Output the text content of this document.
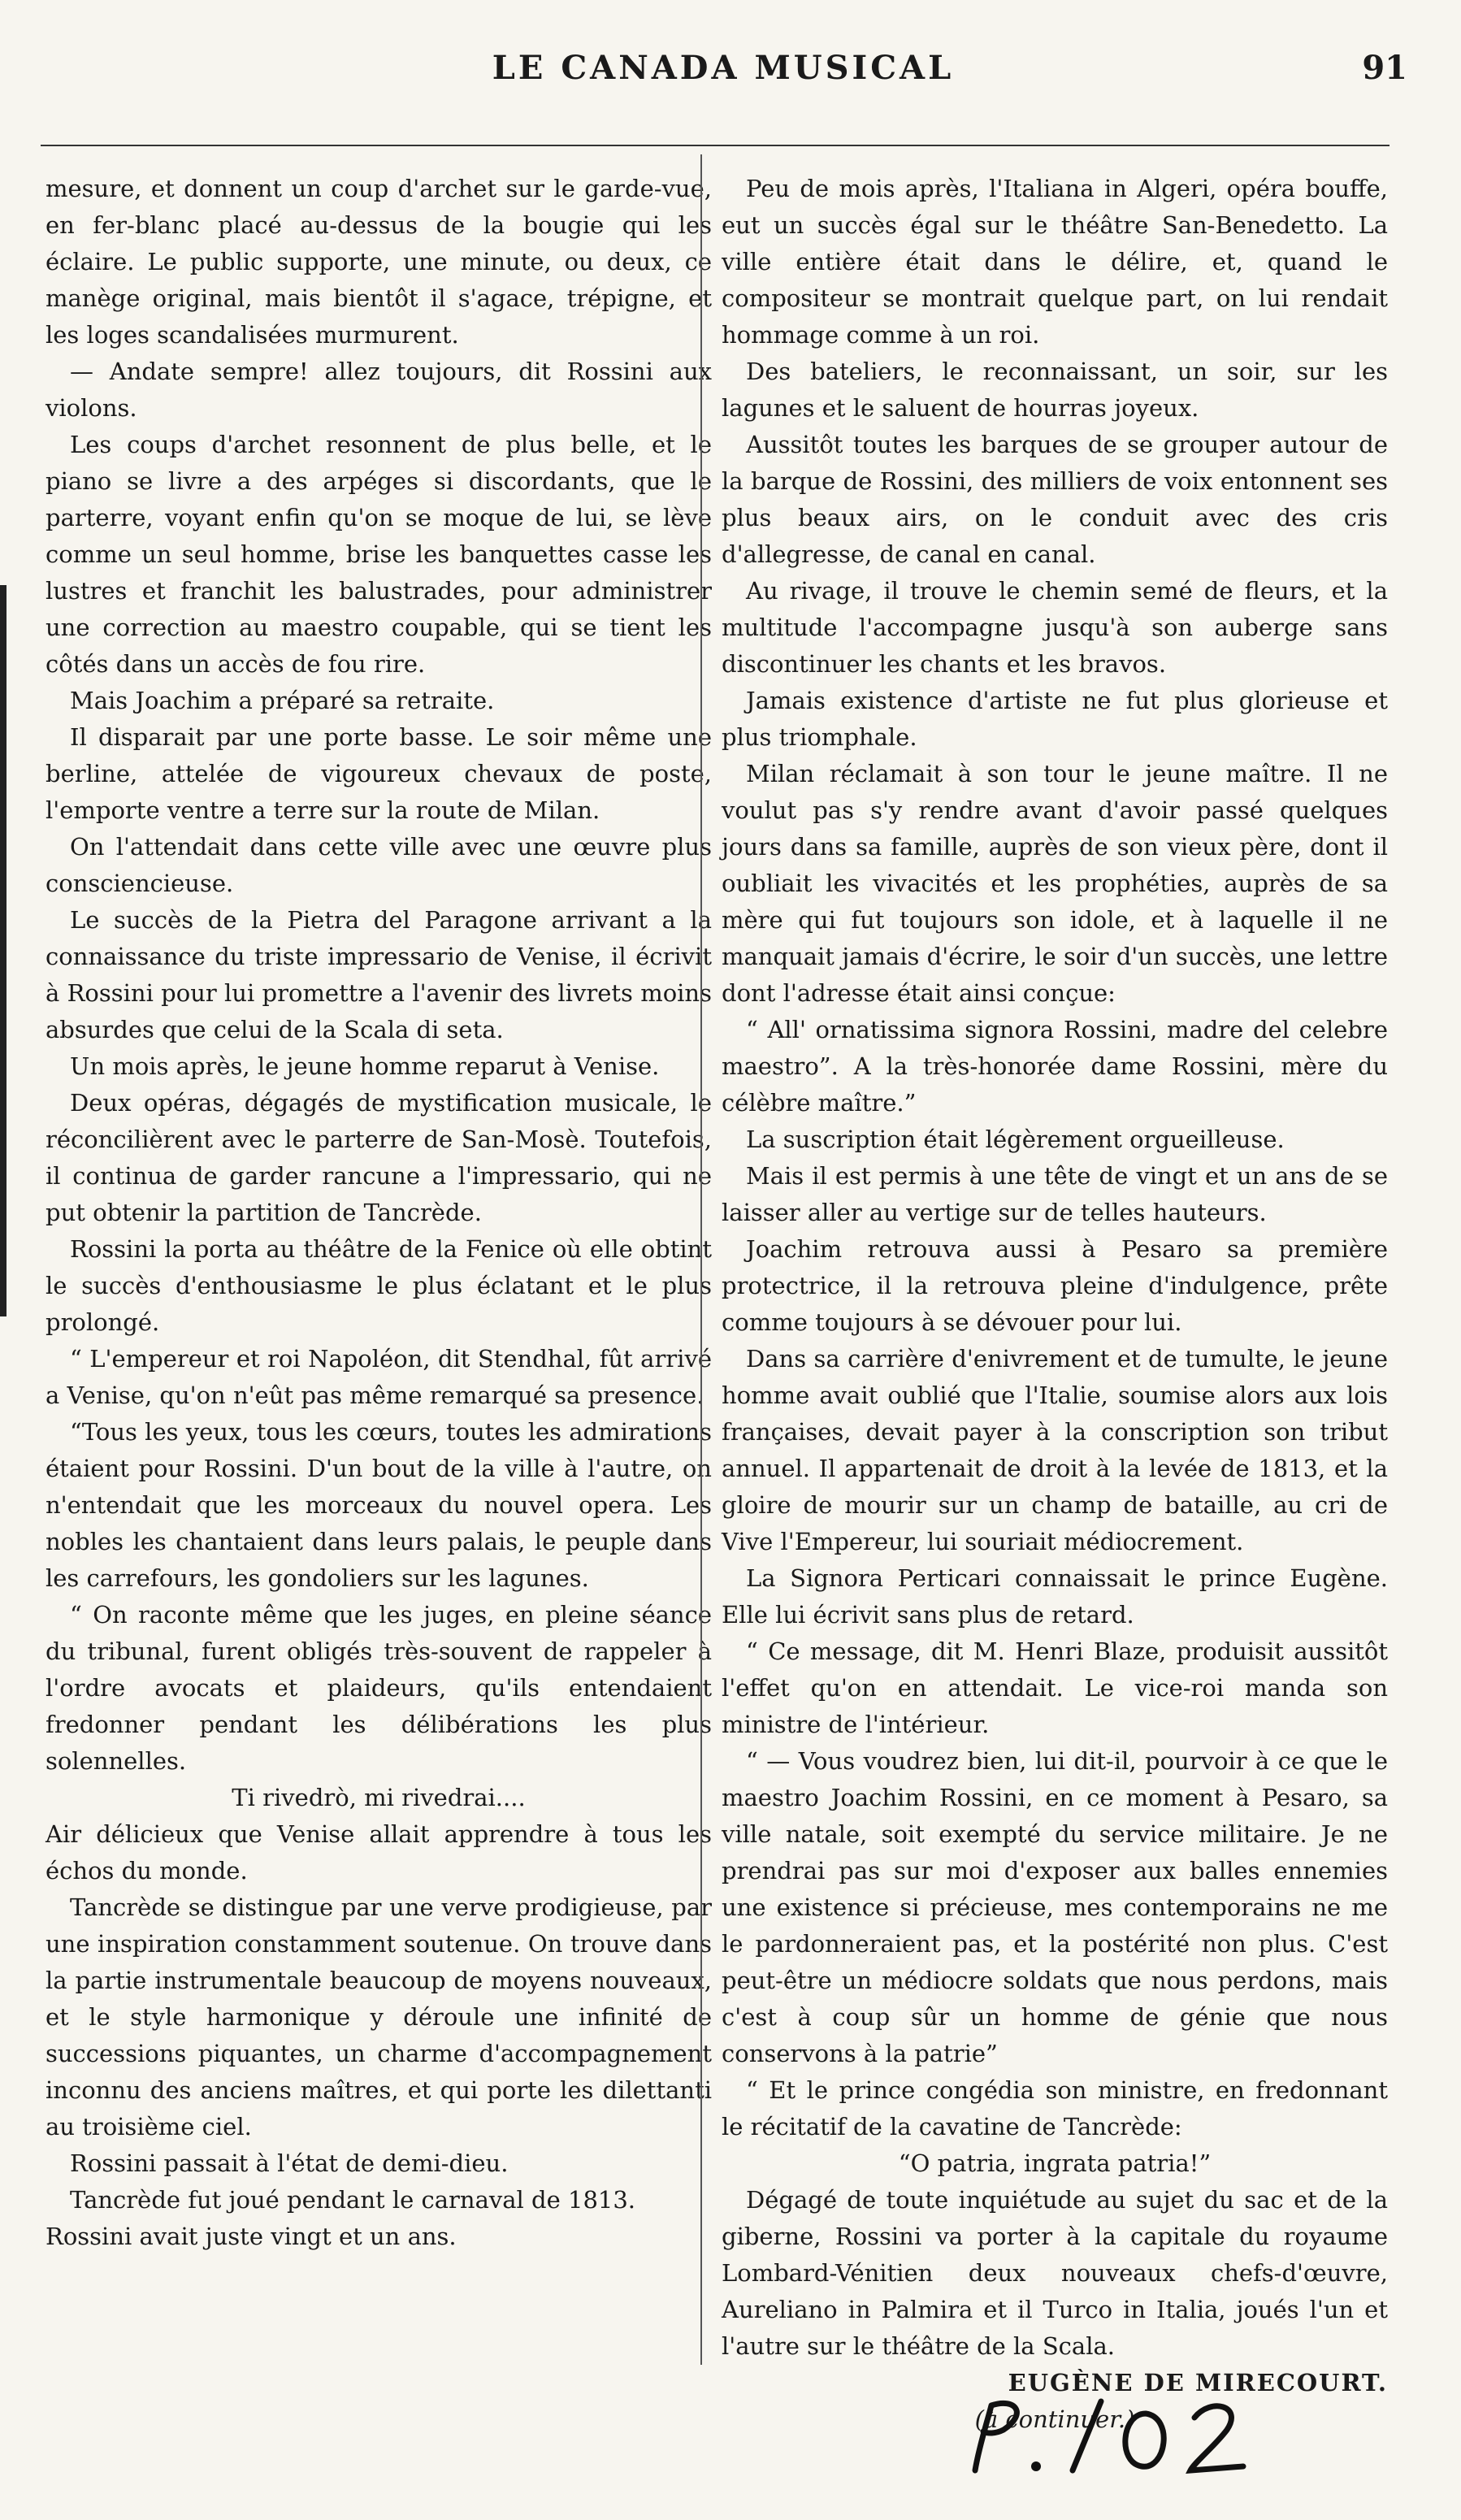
LE CANADA MUSICAL	91

mesure, et donnent un coup d'archet sur le garde-vue, en fer-blanc placé au-dessus de la bougie qui les éclaire. Le public supporte, une minute, ou deux, ce manège original, mais bientôt il s'agace, trépigne, et les loges scandalisées murmurent.

— Andate sempre! allez toujours, dit Rossini aux violons.

Les coups d'archet resonnent de plus belle, et le piano se livre a des arpéges si discordants, que le parterre, voyant enfin qu'on se moque de lui, se lève comme un seul homme, brise les banquettes casse les lustres et franchit les balustrades, pour administrer une correction au maestro coupable, qui se tient les côtés dans un accès de fou rire.

Mais Joachim a préparé sa retraite.

Il disparait par une porte basse. Le soir même une berline, attelée de vigoureux chevaux de poste, l'emporte ventre a terre sur la route de Milan.

On l'attendait dans cette ville avec une œuvre plus consciencieuse.

Le succès de la Pietra del Paragone arrivant a la connaissance du triste impressario de Venise, il écrivit à Rossini pour lui promettre a l'avenir des livrets moins absurdes que celui de la Scala di seta.

Un mois après, le jeune homme reparut à Venise.

Deux opéras, dégagés de mystification musicale, le réconcilièrent avec le parterre de San-Mosè. Toutefois, il continua de garder rancune a l'impressario, qui ne put obtenir la partition de Tancrède.

Rossini la porta au théâtre de la Fenice où elle obtint le succès d'enthousiasme le plus éclatant et le plus prolongé.

“ L'empereur et roi Napoléon, dit Stendhal, fût arrivé a Venise, qu'on n'eût pas même remarqué sa presence.

“Tous les yeux, tous les cœurs, toutes les admirations étaient pour Rossini. D'un bout de la ville à l'autre, on n'entendait que les morceaux du nouvel opera. Les nobles les chantaient dans leurs palais, le peuple dans les carrefours, les gondoliers sur les lagunes.

“ On raconte même que les juges, en pleine séance du tribunal, furent obligés très-souvent de rappeler à l'ordre avocats et plaideurs, qu'ils entendaient fredonner pendant les délibérations les plus solennelles.

Ti rivedrò, mi rivedrai....

Air délicieux que Venise allait apprendre à tous les échos du monde.

Tancrède se distingue par une verve prodigieuse, par une inspiration constamment soutenue. On trouve dans la partie instrumentale beaucoup de moyens nouveaux, et le style harmonique y déroule une infinité de successions piquantes, un charme d'accompagnement inconnu des anciens maîtres, et qui porte les dilettanti au troisième ciel.

Rossini passait à l'état de demi-dieu.

Tancrède fut joué pendant le carnaval de 1813.

Rossini avait juste vingt et un ans.

Peu de mois après, l'Italiana in Algeri, opéra bouffe, eut un succès égal sur le théâtre San-Benedetto. La ville entière était dans le délire, et, quand le compositeur se montrait quelque part, on lui rendait hommage comme à un roi.

Des bateliers, le reconnaissant, un soir, sur les lagunes et le saluent de hourras joyeux.

Aussitôt toutes les barques de se grouper autour de la barque de Rossini, des milliers de voix entonnent ses plus beaux airs, on le conduit avec des cris d'allegresse, de canal en canal.

Au rivage, il trouve le chemin semé de fleurs, et la multitude l'accompagne jusqu'à son auberge sans discontinuer les chants et les bravos.

Jamais existence d'artiste ne fut plus glorieuse et plus triomphale.

Milan réclamait à son tour le jeune maître. Il ne voulut pas s'y rendre avant d'avoir passé quelques jours dans sa famille, auprès de son vieux père, dont il oubliait les vivacités et les prophéties, auprès de sa mère qui fut toujours son idole, et à laquelle il ne manquait jamais d'écrire, le soir d'un succès, une lettre dont l'adresse était ainsi conçue:

“ All' ornatissima signora Rossini, madre del celebre maestro”. A la très-honorée dame Rossini, mère du célèbre maître.”

La suscription était légèrement orgueilleuse.

Mais il est permis à une tête de vingt et un ans de se laisser aller au vertige sur de telles hauteurs.

Joachim retrouva aussi à Pesaro sa première protectrice, il la retrouva pleine d'indulgence, prête comme toujours à se dévouer pour lui.

Dans sa carrière d'enivrement et de tumulte, le jeune homme avait oublié que l'Italie, soumise alors aux lois françaises, devait payer à la conscription son tribut annuel. Il appartenait de droit à la levée de 1813, et la gloire de mourir sur un champ de bataille, au cri de Vive l'Empereur, lui souriait médiocrement.

La Signora Perticari connaissait le prince Eugène. Elle lui écrivit sans plus de retard.

“ Ce message, dit M. Henri Blaze, produisit aussitôt l'effet qu'on en attendait. Le vice-roi manda son ministre de l'intérieur.

“ — Vous voudrez bien, lui dit-il, pourvoir à ce que le maestro Joachim Rossini, en ce moment à Pesaro, sa ville natale, soit exempté du service militaire. Je ne prendrai pas sur moi d'exposer aux balles ennemies une existence si précieuse, mes contemporains ne me le pardonneraient pas, et la postérité non plus. C'est peut-être un médiocre soldats que nous perdons, mais c'est à coup sûr un homme de génie que nous conservons à la patrie”

“ Et le prince congédia son ministre, en fredonnant le récitatif de la cavatine de Tancrède:

“O patria, ingrata patria!”

Dégagé de toute inquiétude au sujet du sac et de la giberne, Rossini va porter à la capitale du royaume Lombard-Vénitien deux nouveaux chefs-d'œuvre, Aureliano in Palmira et il Turco in Italia, joués l'un et l'autre sur le théâtre de la Scala.

EUGÈNE DE MIRECOURT.

(à continuer.)
